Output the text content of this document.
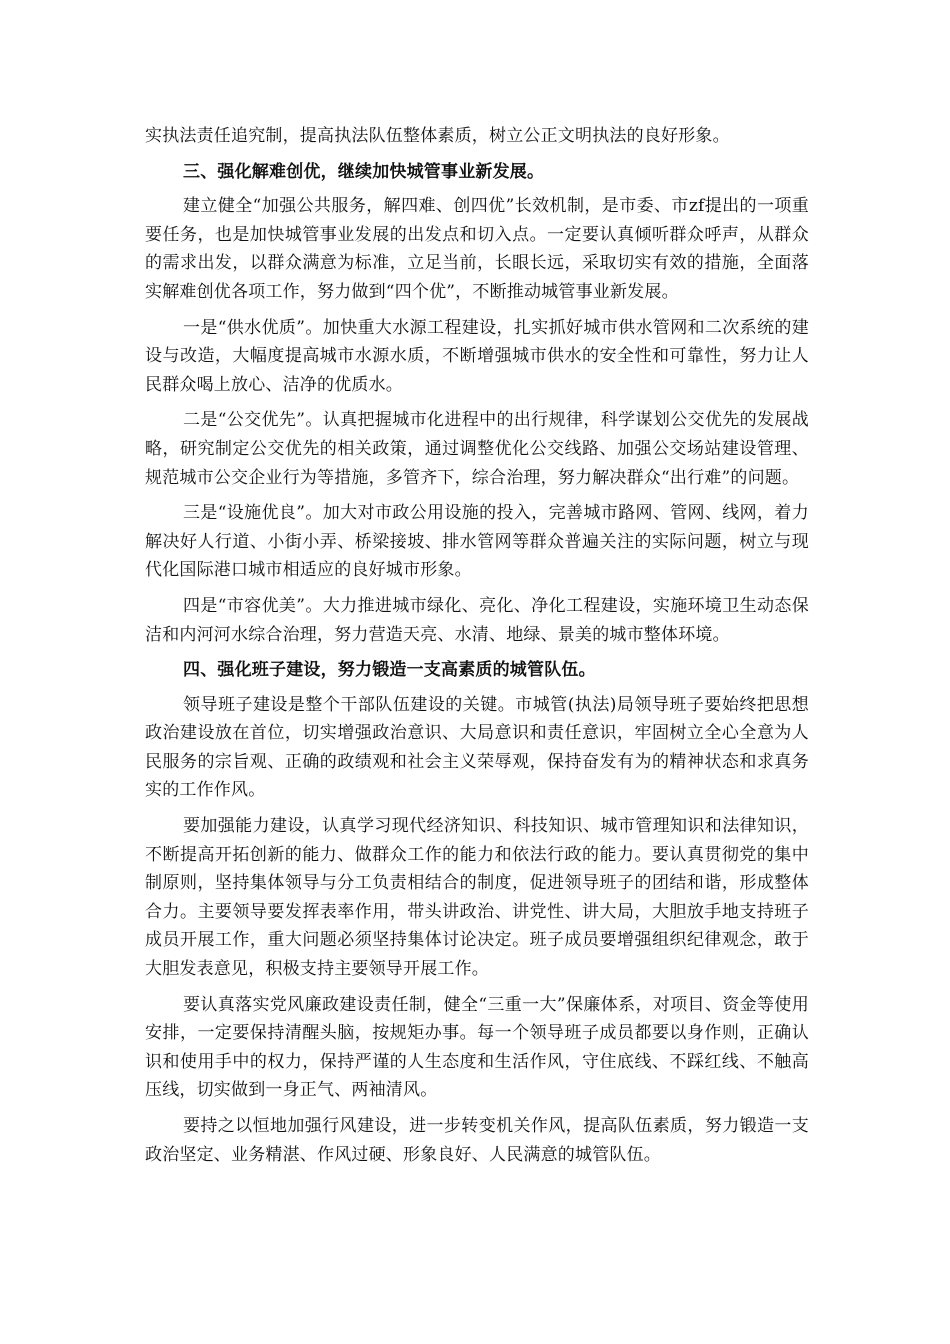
实执法责任追究制，提高执法队伍整体素质，树立公正文明执法的良好形象。

三、强化解难创优，继续加快城管事业新发展。

建立健全“加强公共服务，解四难、创四优”长效机制，是市委、市zf提出的一项重要任务，也是加快城管事业发展的出发点和切入点。一定要认真倾听群众呼声，从群众的需求出发，以群众满意为标准，立足当前，长眼长远，采取切实有效的措施，全面落实解难创优各项工作，努力做到“四个优”，不断推动城管事业新发展。

一是“供水优质”。加快重大水源工程建设，扎实抓好城市供水管网和二次系统的建设与改造，大幅度提高城市水源水质，不断增强城市供水的安全性和可靠性，努力让人民群众喝上放心、洁净的优质水。

二是“公交优先”。认真把握城市化进程中的出行规律，科学谋划公交优先的发展战略，研究制定公交优先的相关政策，通过调整优化公交线路、加强公交场站建设管理、规范城市公交企业行为等措施，多管齐下，综合治理，努力解决群众“出行难”的问题。

三是“设施优良”。加大对市政公用设施的投入，完善城市路网、管网、线网，着力解决好人行道、小街小弄、桥梁接坡、排水管网等群众普遍关注的实际问题，树立与现代化国际港口城市相适应的良好城市形象。

四是“市容优美”。大力推进城市绿化、亮化、净化工程建设，实施环境卫生动态保洁和内河河水综合治理，努力营造天亮、水清、地绿、景美的城市整体环境。

四、强化班子建设，努力锻造一支高素质的城管队伍。

领导班子建设是整个干部队伍建设的关键。市城管(执法)局领导班子要始终把思想政治建设放在首位，切实增强政治意识、大局意识和责任意识，牢固树立全心全意为人民服务的宗旨观、正确的政绩观和社会主义荣辱观，保持奋发有为的精神状态和求真务实的工作作风。

要加强能力建设，认真学习现代经济知识、科技知识、城市管理知识和法律知识，不断提高开拓创新的能力、做群众工作的能力和依法行政的能力。要认真贯彻党的集中制原则，坚持集体领导与分工负责相结合的制度，促进领导班子的团结和谐，形成整体合力。主要领导要发挥表率作用，带头讲政治、讲党性、讲大局，大胆放手地支持班子成员开展工作，重大问题必须坚持集体讨论决定。班子成员要增强组织纪律观念，敢于大胆发表意见，积极支持主要领导开展工作。

要认真落实党风廉政建设责任制，健全“三重一大”保廉体系，对项目、资金等使用安排，一定要保持清醒头脑，按规矩办事。每一个领导班子成员都要以身作则，正确认识和使用手中的权力，保持严谨的人生态度和生活作风，守住底线、不踩红线、不触高压线，切实做到一身正气、两袖清风。

要持之以恒地加强行风建设，进一步转变机关作风，提高队伍素质，努力锻造一支政治坚定、业务精湛、作风过硬、形象良好、人民满意的城管队伍。
